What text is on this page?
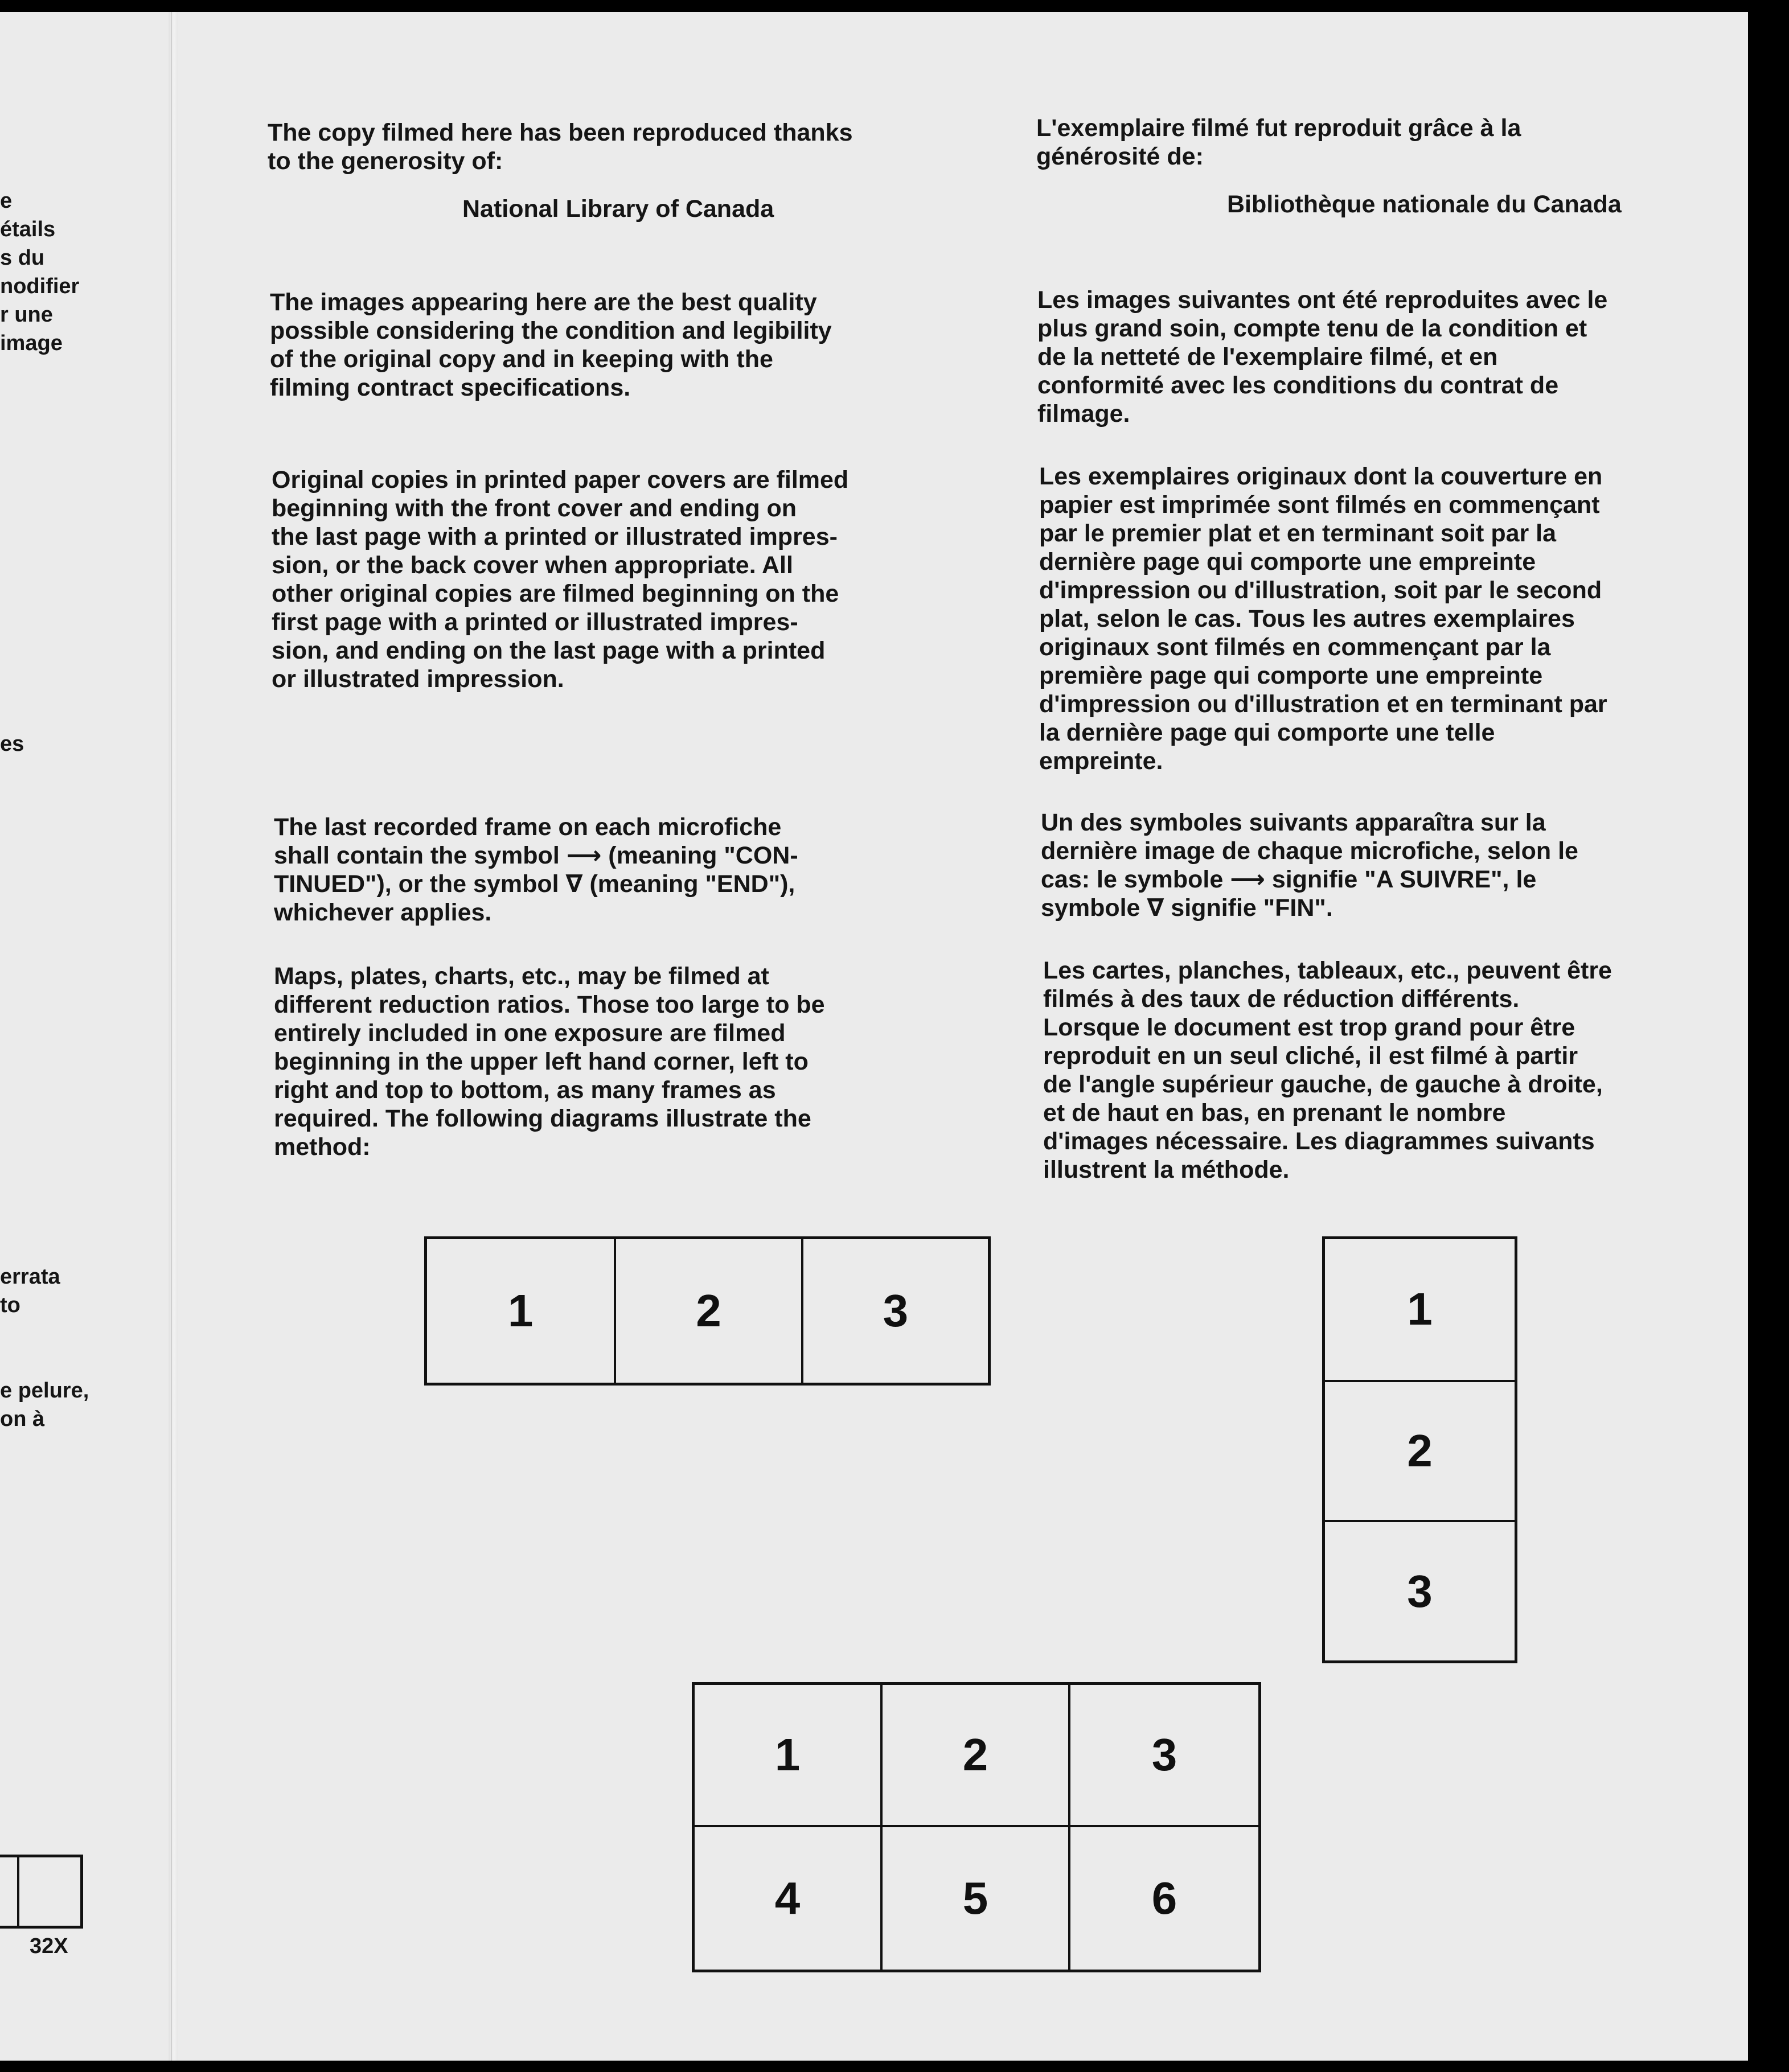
e
étails
s du
nodifier
r une
image
es
errata
to
e pelure,
on à
32X

The copy filmed here has been reproduced thanks
to the generosity of:

National Library of Canada

The images appearing here are the best quality
possible considering the condition and legibility
of the original copy and in keeping with the
filming contract specifications.

Original copies in printed paper covers are filmed
beginning with the front cover and ending on
the last page with a printed or illustrated impres-
sion, or the back cover when appropriate. All
other original copies are filmed beginning on the
first page with a printed or illustrated impres-
sion, and ending on the last page with a printed
or illustrated impression.

The last recorded frame on each microfiche
shall contain the symbol ⟶ (meaning "CON-
TINUED"), or the symbol ∇ (meaning "END"),
whichever applies.

Maps, plates, charts, etc., may be filmed at
different reduction ratios. Those too large to be
entirely included in one exposure are filmed
beginning in the upper left hand corner, left to
right and top to bottom, as many frames as
required. The following diagrams illustrate the
method:

L'exemplaire filmé fut reproduit grâce à la
générosité de:

Bibliothèque nationale du Canada

Les images suivantes ont été reproduites avec le
plus grand soin, compte tenu de la condition et
de la netteté de l'exemplaire filmé, et en
conformité avec les conditions du contrat de
filmage.

Les exemplaires originaux dont la couverture en
papier est imprimée sont filmés en commençant
par le premier plat et en terminant soit par la
dernière page qui comporte une empreinte
d'impression ou d'illustration, soit par le second
plat, selon le cas. Tous les autres exemplaires
originaux sont filmés en commençant par la
première page qui comporte une empreinte
d'impression ou d'illustration et en terminant par
la dernière page qui comporte une telle
empreinte.

Un des symboles suivants apparaîtra sur la
dernière image de chaque microfiche, selon le
cas: le symbole ⟶ signifie "A SUIVRE", le
symbole ∇ signifie "FIN".

Les cartes, planches, tableaux, etc., peuvent être
filmés à des taux de réduction différents.
Lorsque le document est trop grand pour être
reproduit en un seul cliché, il est filmé à partir
de l'angle supérieur gauche, de gauche à droite,
et de haut en bas, en prenant le nombre
d'images nécessaire. Les diagrammes suivants
illustrent la méthode.

1	2	3	1
2
3
1	2	3
4	5	6
